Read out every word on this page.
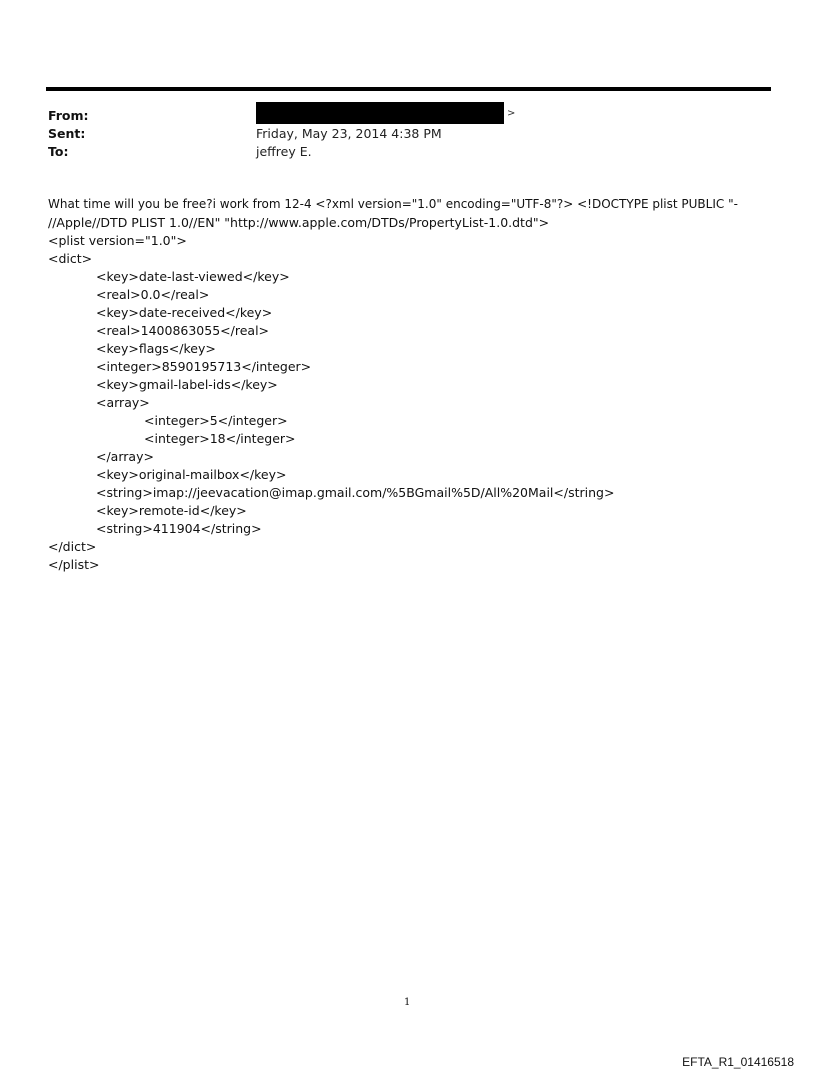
From:	>
Sent:	Friday, May 23, 2014 4:38 PM
To:	jeffrey E.
What time will you be free?i work from 12-4 <?xml version="1.0" encoding="UTF-8"?> <!DOCTYPE plist PUBLIC "-
//Apple//DTD PLIST 1.0//EN" "http://www.apple.com/DTDs/PropertyList-1.0.dtd">
<plist version="1.0">
<dict>
<key>date-last-viewed</key>
<real>0.0</real>
<key>date-received</key>
<real>1400863055</real>
<key>flags</key>
<integer>8590195713</integer>
<key>gmail-label-ids</key>
<array>
<integer>5</integer>
<integer>18</integer>
</array>
<key>original-mailbox</key>
<string>imap://jeevacation@imap.gmail.com/%5BGmail%5D/All%20Mail</string>
<key>remote-id</key>
<string>411904</string>
</dict>
</plist>
1
EFTA_R1_01416518
